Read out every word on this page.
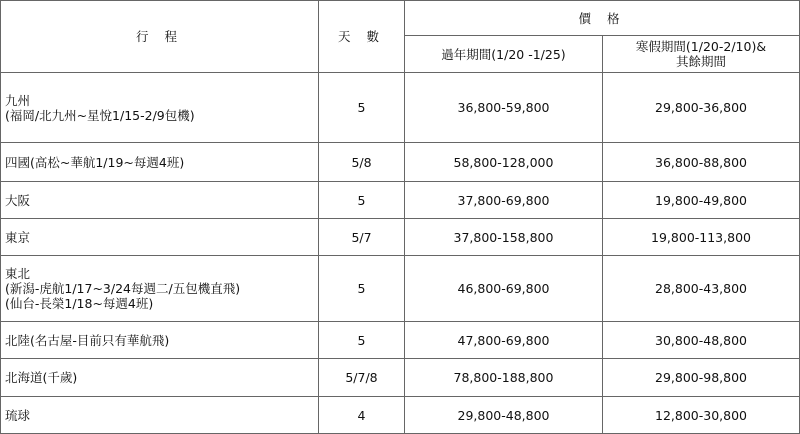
行 程	天 數	價 格	
		過年期間(1/20 -1/25)	寒假期間(1/20-2/10)&
其餘期間

九州
(福岡/北九州~星悅1/15-2/9包機)	5	36,800-59,800	29,800-36,800

四國(高松~華航1/19~每週4班)	5/8	58,800-128,000	36,800-88,800

大阪	5	37,800-69,800	19,800-49,800

東京	5/7	37,800-158,800	19,800-113,800

東北
(新潟-虎航1/17~3/24每週二/五包機直飛)
(仙台-長榮1/18~每週4班)	5	46,800-69,800	28,800-43,800

北陸(名古屋-目前只有華航飛)	5	47,800-69,800	30,800-48,800

北海道(千歲)	5/7/8	78,800-188,800	29,800-98,800

琉球	4	29,800-48,800	12,800-30,800
